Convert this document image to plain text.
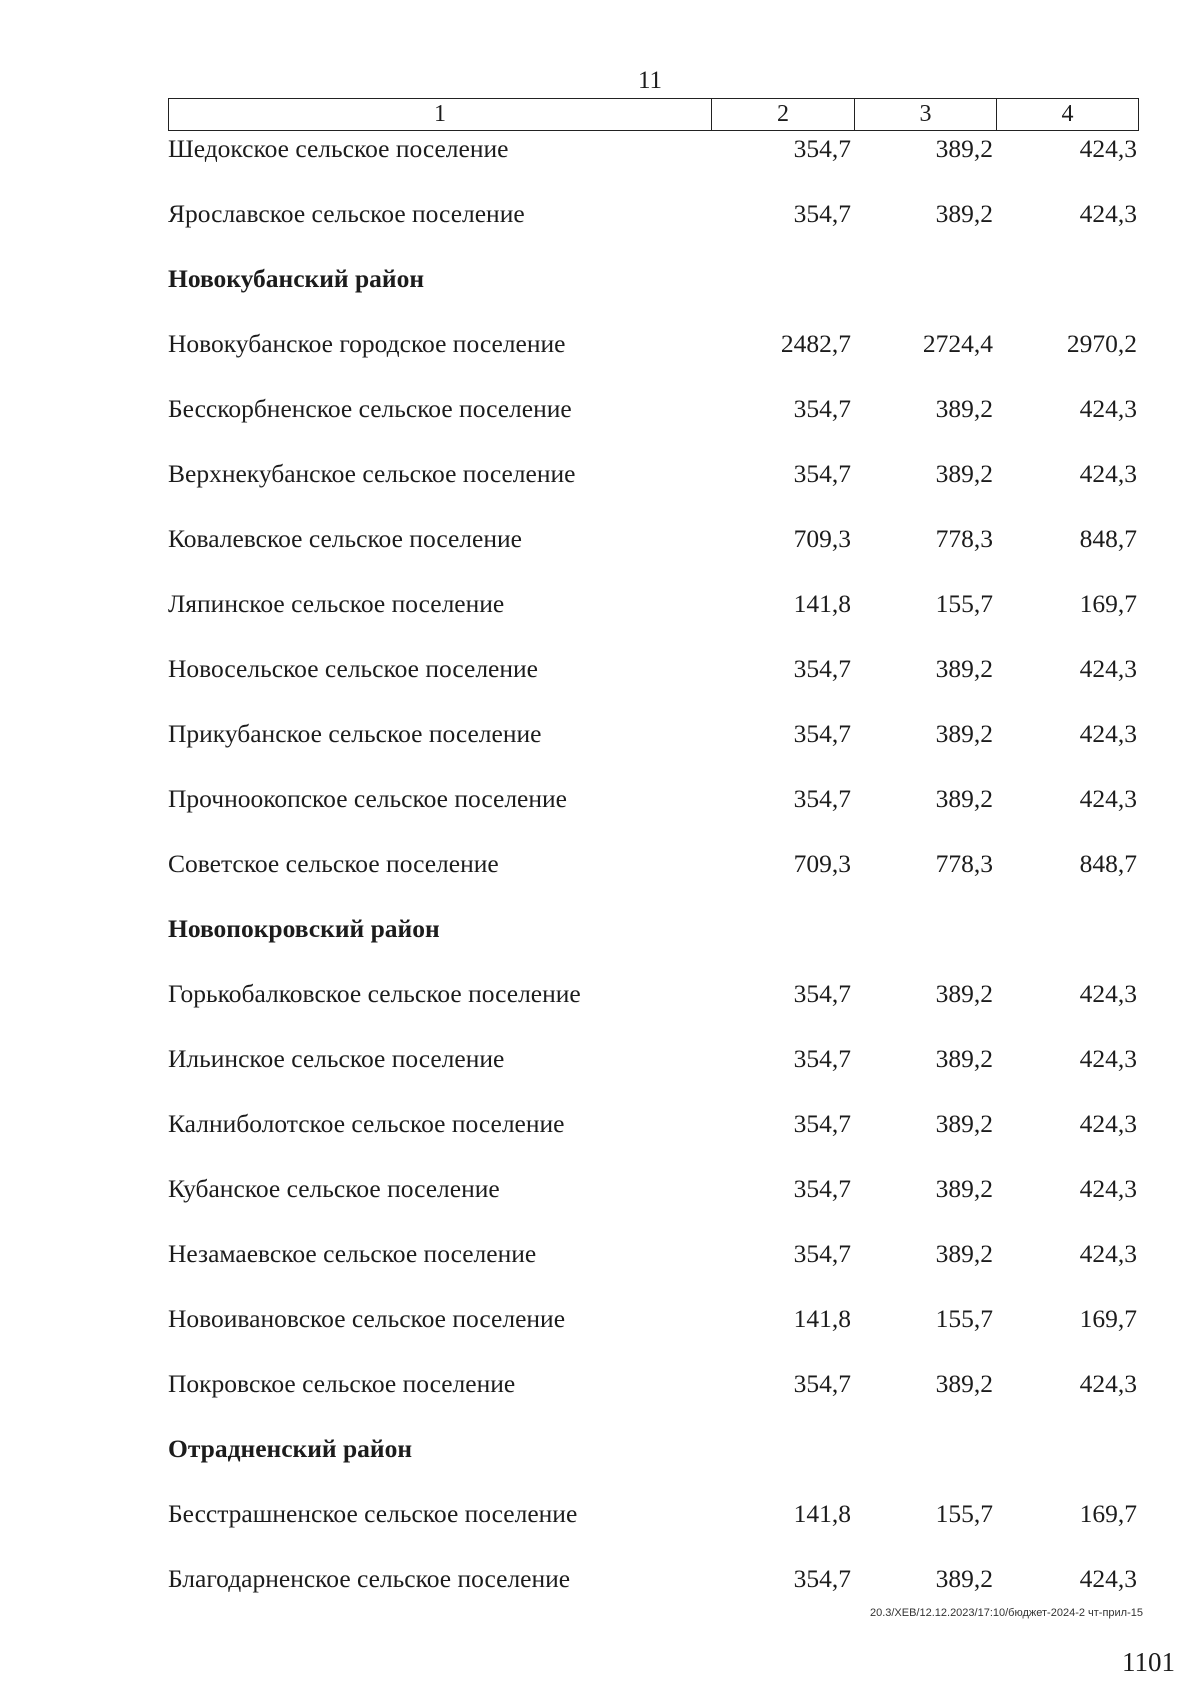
11
1	2	3	4
Шедокское сельское поселение	354,7	389,2	424,3
Ярославское сельское поселение	354,7	389,2	424,3
Новокубанский район
Новокубанское городское поселение	2482,7	2724,4	2970,2
Бесскорбненское сельское поселение	354,7	389,2	424,3
Верхнекубанское сельское поселение	354,7	389,2	424,3
Ковалевское сельское поселение	709,3	778,3	848,7
Ляпинское сельское поселение	141,8	155,7	169,7
Новосельское сельское поселение	354,7	389,2	424,3
Прикубанское сельское поселение	354,7	389,2	424,3
Прочноокопское сельское поселение	354,7	389,2	424,3
Советское сельское поселение	709,3	778,3	848,7
Новопокровский район
Горькобалковское сельское поселение	354,7	389,2	424,3
Ильинское сельское поселение	354,7	389,2	424,3
Калниболотское сельское поселение	354,7	389,2	424,3
Кубанское сельское поселение	354,7	389,2	424,3
Незамаевское сельское поселение	354,7	389,2	424,3
Новоивановское сельское поселение	141,8	155,7	169,7
Покровское сельское поселение	354,7	389,2	424,3
Отрадненский район
Бесстрашненское сельское поселение	141,8	155,7	169,7
Благодарненское сельское поселение	354,7	389,2	424,3
20.3/ХЕВ/12.12.2023/17:10/бюджет-2024-2 чт-прил-15
1101
